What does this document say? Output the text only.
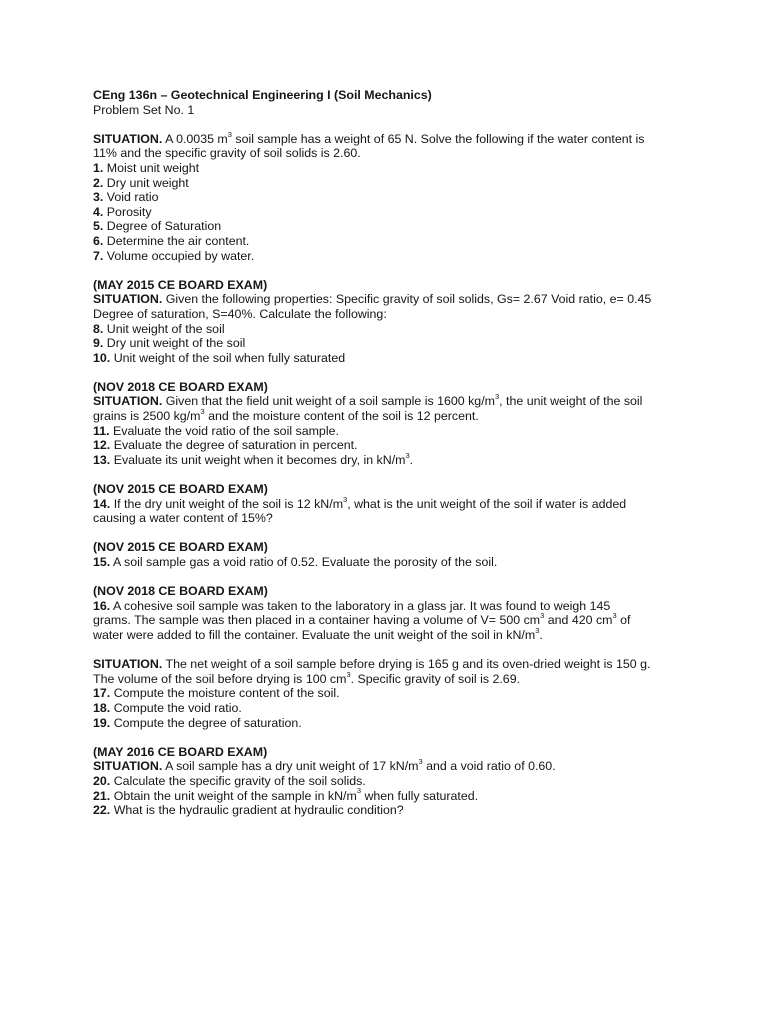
CEng 136n – Geotechnical Engineering I (Soil Mechanics)
Problem Set No. 1
SITUATION. A 0.0035 $m^3$ soil sample has a weight of 65 N. Solve the following if the water content is
11% and the specific gravity of soil solids is 2.60.
1. Moist unit weight
2. Dry unit weight
3. Void ratio
4. Porosity
5. Degree of Saturation
6. Determine the air content.
7. Volume occupied by water.
(MAY 2015 CE BOARD EXAM)
SITUATION. Given the following properties: Specific gravity of soil solids, Gs= 2.67 Void ratio, e= 0.45
Degree of saturation, S=40%. Calculate the following:
8. Unit weight of the soil
9. Dry unit weight of the soil
10. Unit weight of the soil when fully saturated
(NOV 2018 CE BOARD EXAM)
SITUATION. Given that the field unit weight of a soil sample is 1600 $kg/m^3$, the unit weight of the soil
grains is 2500 $kg/m^3$ and the moisture content of the soil is 12 percent.
11. Evaluate the void ratio of the soil sample.
12. Evaluate the degree of saturation in percent.
13. Evaluate its unit weight when it becomes dry, in $kN/m^3$.
(NOV 2015 CE BOARD EXAM)
14. If the dry unit weight of the soil is 12 $kN/m^3$, what is the unit weight of the soil if water is added
causing a water content of 15%?
(NOV 2015 CE BOARD EXAM)
15. A soil sample gas a void ratio of 0.52. Evaluate the porosity of the soil.
(NOV 2018 CE BOARD EXAM)
16. A cohesive soil sample was taken to the laboratory in a glass jar. It was found to weigh 145
grams. The sample was then placed in a container having a volume of V= 500 $cm^3$ and 420 $cm^3$ of
water were added to fill the container. Evaluate the unit weight of the soil in $kN/m^3$.
SITUATION. The net weight of a soil sample before drying is 165 g and its oven-dried weight is 150 g.
The volume of the soil before drying is 100 $cm^3$. Specific gravity of soil is 2.69.
17. Compute the moisture content of the soil.
18. Compute the void ratio.
19. Compute the degree of saturation.
(MAY 2016 CE BOARD EXAM)
SITUATION. A soil sample has a dry unit weight of 17 $kN/m^3$ and a void ratio of 0.60.
20. Calculate the specific gravity of the soil solids.
21. Obtain the unit weight of the sample in $kN/m^3$ when fully saturated.
22. What is the hydraulic gradient at hydraulic condition?
